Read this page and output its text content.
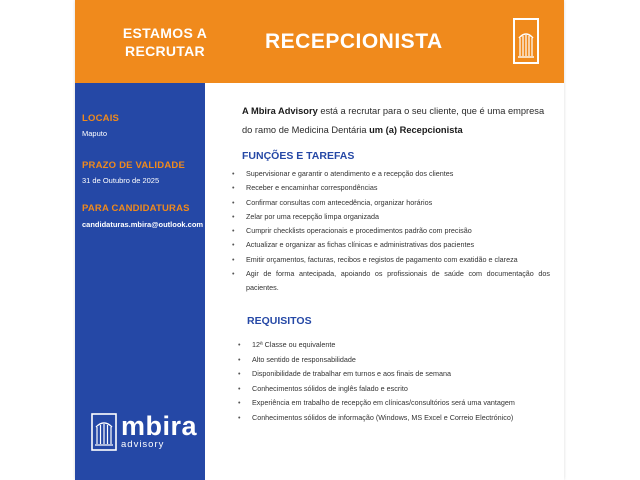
ESTAMOS A
RECRUTAR	RECEPCIONISTA
LOCAIS
Maputo
PRAZO DE VALIDADE
31 de Outubro de 2025
PARA CANDIDATURAS
candidaturas.mbira@outlook.com
mbira
advisory

A Mbira Advisory está a recrutar para o seu cliente, que é uma empresa do ramo de Medicina Dentária um (a) Recepcionista

FUNÇÕES E TAREFAS
• Supervisionar e garantir o atendimento e a recepção dos clientes
• Receber e encaminhar correspondências
• Confirmar consultas com antecedência, organizar horários
• Zelar por uma recepção limpa organizada
• Cumprir checklists operacionais e procedimentos padrão com precisão
• Actualizar e organizar as fichas clínicas e administrativas dos pacientes
• Emitir orçamentos, facturas, recibos e registos de pagamento com exatidão e clareza
• Agir de forma antecipada, apoiando os profissionais de saúde com documentação dos pacientes.
REQUISITOS
• 12ª Classe ou equivalente
• Alto sentido de responsabilidade
• Disponibilidade de trabalhar em turnos e aos finais de semana
• Conhecimentos sólidos de inglês falado e escrito
• Experiência em trabalho de recepção em clínicas/consultórios será uma vantagem
• Conhecimentos sólidos de informação (Windows, MS Excel e Correio Electrónico)
